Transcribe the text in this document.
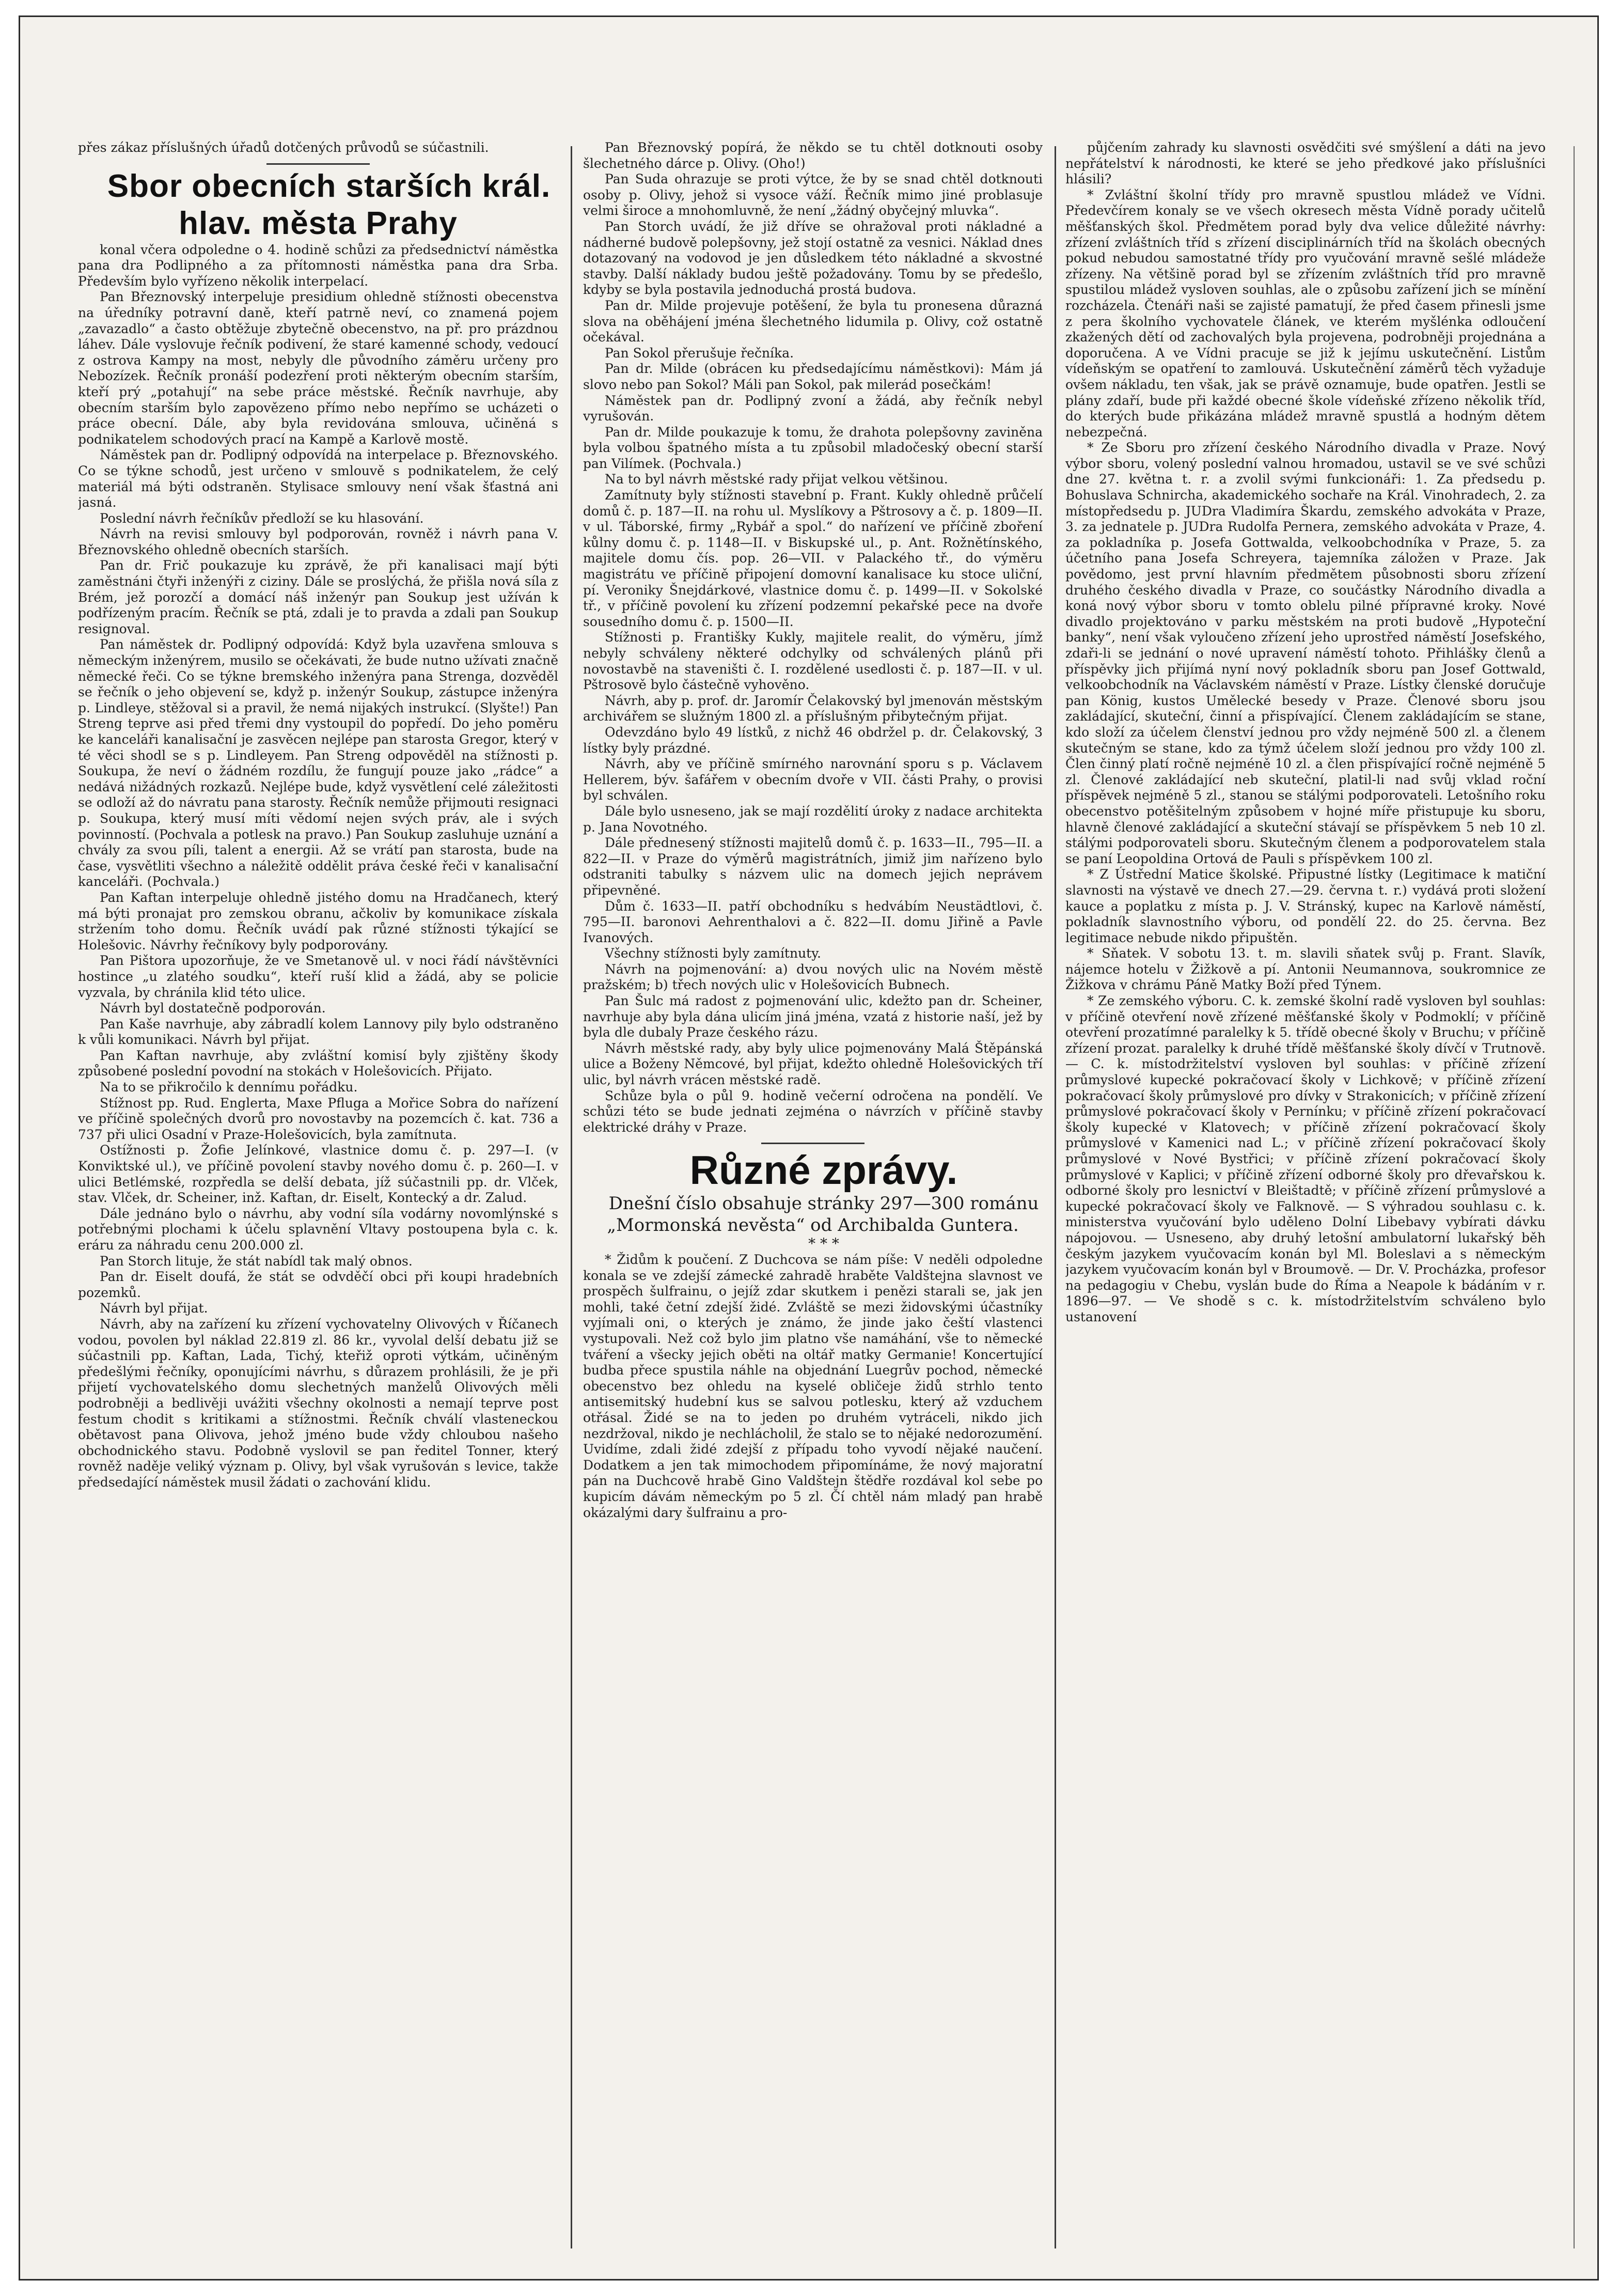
přes zákaz příslušných úřadů dotčených průvodů se súčastnili.

Sbor obecních starších král. hlav. města Prahy

konal včera odpoledne o 4. hodině schůzi za předsednictví náměstka pana dra Podlipného a za přítomnosti náměstka pana dra Srba. Především bylo vyřízeno několik interpelací.

Pan Březnovský interpeluje presidium ohledně stížnosti obecenstva na úředníky potravní daně, kteří patrně neví, co znamená pojem „zavazadlo“ a často obtěžuje zbytečně obecenstvo, na př. pro prázdnou láhev. Dále vyslovuje řečník podivení, že staré kamenné schody, vedoucí z ostrova Kampy na most, nebyly dle původního záměru určeny pro Nebozízek. Řečník pronáší podezření proti některým obecním starším, kteří prý „potahují“ na sebe práce městské. Řečník navrhuje, aby obecním starším bylo zapovězeno přímo nebo nepřímo se ucházeti o práce obecní. Dále, aby byla revidována smlouva, učiněná s podnikatelem schodových prací na Kampě a Karlově mostě.

Náměstek pan dr. Podlipný odpovídá na interpelace p. Březnovského. Co se týkne schodů, jest určeno v smlouvě s podnikatelem, že celý materiál má býti odstraněn. Stylisace smlouvy není však šťastná ani jasná.

Poslední návrh řečníkův předloží se ku hlasování.

Návrh na revisi smlouvy byl podporován, rovněž i návrh pana V. Březnovského ohledně obecních starších.

Pan dr. Frič poukazuje ku zprávě, že při kanalisaci mají býti zaměstnáni čtyři inženýři z ciziny. Dále se proslýchá, že přišla nová síla z Brém, jež porozčí a domácí náš inženýr pan Soukup jest užíván k podřízeným pracím. Řečník se ptá, zdali je to pravda a zdali pan Soukup resignoval.

Pan náměstek dr. Podlipný odpovídá: Když byla uzavřena smlouva s německým inženýrem, musilo se očekávati, že bude nutno užívati značně německé řeči. Co se týkne bremského inženýra pana Strenga, dozvěděl se řečník o jeho objevení se, když p. inženýr Soukup, zástupce inženýra p. Lindleye, stěžoval si a pravil, že nemá nijakých instrukcí. (Slyšte!) Pan Streng teprve asi před třemi dny vystoupil do popředí. Do jeho poměru ke kanceláři kanalisační je zasvěcen nejlépe pan starosta Gregor, který v té věci shodl se s p. Lindleyem. Pan Streng odpověděl na stížnosti p. Soukupa, že neví o žádném rozdílu, že fungují pouze jako „rádce“ a nedává nižádných rozkazů. Nejlépe bude, když vysvětlení celé záležitosti se odloží až do návratu pana starosty. Řečník nemůže přijmouti resignaci p. Soukupa, který musí míti vědomí nejen svých práv, ale i svých povinností. (Pochvala a potlesk na pravo.) Pan Soukup zasluhuje uznání a chvály za svou píli, talent a energii. Až se vrátí pan starosta, bude na čase, vysvětliti všechno a náležitě oddělit práva české řeči v kanalisační kanceláři. (Pochvala.)

Pan Kaftan interpeluje ohledně jistého domu na Hradčanech, který má býti pronajat pro zemskou obranu, ačkoliv by komunikace získala stržením toho domu. Řečník uvádí pak různé stížnosti týkající se Holešovic. Návrhy řečníkovy byly podporovány.

Pan Pištora upozorňuje, že ve Smetanově ul. v noci řádí návštěvníci hostince „u zlatého soudku“, kteří ruší klid a žádá, aby se policie vyzvala, by chránila klid této ulice.

Návrh byl dostatečně podporován.

Pan Kaše navrhuje, aby zábradlí kolem Lannovy pily bylo odstraněno k vůli komunikaci. Návrh byl přijat.

Pan Kaftan navrhuje, aby zvláštní komisí byly zjištěny škody způsobené poslední povodní na stokách v Holešovicích. Přijato.

Na to se přikročilo k dennímu pořádku.

Stížnost pp. Rud. Englerta, Maxe Pfluga a Mořice Sobra do nařízení ve příčině společných dvorů pro novostavby na pozemcích č. kat. 736 a 737 při ulici Osadní v Praze-Holešovicích, byla zamítnuta.

Ostížnosti p. Žofie Jelínkové, vlastnice domu č. p. 297—I. (v Konviktské ul.), ve příčině povolení stavby nového domu č. p. 260—I. v ulici Betlémské, rozpředla se delší debata, jíž súčastnili pp. dr. Vlček, stav. Vlček, dr. Scheiner, inž. Kaftan, dr. Eiselt, Kontecký a dr. Zalud.

Dále jednáno bylo o návrhu, aby vodní síla vodárny novomlýnské s potřebnými plochami k účelu splavnění Vltavy postoupena byla c. k. eráru za náhradu cenu 200.000 zl.

Pan Storch lituje, že stát nabídl tak malý obnos.

Pan dr. Eiselt doufá, že stát se odvděčí obci při koupi hradebních pozemků.

Návrh byl přijat.

Návrh, aby na zařízení ku zřízení vychovatelny Olivových v Říčanech vodou, povolen byl náklad 22.819 zl. 86 kr., vyvolal delší debatu již se súčastnili pp. Kaftan, Lada, Tichý, kteřiž oproti výtkám, učiněným předešlými řečníky, oponujícími návrhu, s důrazem prohlásili, že je při přijetí vychovatelského domu slechetných manželů Olivových měli podrobněji a bedlivěji uvážiti všechny okolnosti a nemají teprve post festum chodit s kritikami a stížnostmi. Řečník chválí vlasteneckou obětavost pana Olivova, jehož jméno bude vždy chloubou našeho obchodnického stavu. Podobně vyslovil se pan ředitel Tonner, který rovněž naděje veliký význam p. Olivy, byl však vyrušován s levice, takže předsedající náměstek musil žádati o zachování klidu.

Pan Březnovský popírá, že někdo se tu chtěl dotknouti osoby šlechetného dárce p. Olivy. (Oho!)

Pan Suda ohrazuje se proti výtce, že by se snad chtěl dotknouti osoby p. Olivy, jehož si vysoce váží. Řečník mimo jiné problasuje velmi široce a mnohomluvně, že není „žádný obyčejný mluvka“.

Pan Storch uvádí, že již dříve se ohražoval proti nákladné a nádherné budově polepšovny, jež stojí ostatně za vesnici. Náklad dnes dotazovaný na vodovod je jen důsledkem této nákladné a skvostné stavby. Další náklady budou ještě požadovány. Tomu by se předešlo, kdyby se byla postavila jednoduchá prostá budova.

Pan dr. Milde projevuje potěšení, že byla tu pronesena důrazná slova na oběhájení jména šlechetného lidumila p. Olivy, což ostatně očekával.

Pan Sokol přerušuje řečníka.

Pan dr. Milde (obrácen ku předsedajícímu náměstkovi): Mám já slovo nebo pan Sokol? Máli pan Sokol, pak milerád posečkám!

Náměstek pan dr. Podlipný zvoní a žádá, aby řečník nebyl vyrušován.

Pan dr. Milde poukazuje k tomu, že drahota polepšovny zaviněna byla volbou špatného místa a tu způsobil mladočeský obecní starší pan Vilímek. (Pochvala.)

Na to byl návrh městské rady přijat velkou většinou.

Zamítnuty byly stížnosti stavební p. Frant. Kukly ohledně průčelí domů č. p. 187—II. na rohu ul. Myslíkovy a Pštrosovy a č. p. 1809—II. v ul. Táborské, firmy „Rybář a spol.“ do nařízení ve příčině zboření kůlny domu č. p. 1148—II. v Biskupské ul., p. Ant. Rožnětínského, majitele domu čís. pop. 26—VII. v Palackého tř., do výměru magistrátu ve příčině připojení domovní kanalisace ku stoce uliční, pí. Veroniky Šnejdárkové, vlastnice domu č. p. 1499—II. v Sokolské tř., v příčině povolení ku zřízení podzemní pekařské pece na dvoře sousedního domu č. p. 1500—II.

Stížnosti p. Františky Kukly, majitele realit, do výměru, jímž nebyly schváleny některé odchylky od schválených plánů při novostavbě na staveništi č. I. rozdělené usedlosti č. p. 187—II. v ul. Pštrosově bylo částečně vyhověno.

Návrh, aby p. prof. dr. Jaromír Čelakovský byl jmenován městským archivářem se služným 1800 zl. a příslušným přibytečným přijat.

Odevzdáno bylo 49 lístků, z nichž 46 obdržel p. dr. Čelakovský, 3 lístky byly prázdné.

Návrh, aby ve příčině smírného narovnání sporu s p. Václavem Hellerem, býv. šafářem v obecním dvoře v VII. části Prahy, o provisi byl schválen.

Dále bylo usneseno, jak se mají rozdělití úroky z nadace architekta p. Jana Novotného.

Dále přednesený stížnosti majitelů domů č. p. 1633—II., 795—II. a 822—II. v Praze do výměrů magistrátních, jimiž jim nařízeno bylo odstraniti tabulky s názvem ulic na domech jejich neprávem připevněné.

Dům č. 1633—II. patří obchodníku s hedvábím Neustädtlovi, č. 795—II. baronovi Aehrenthalovi a č. 822—II. domu Jiřině a Pavle Ivanových.

Všechny stížnosti byly zamítnuty.

Návrh na pojmenování: a) dvou nových ulic na Novém městě pražském; b) třech nových ulic v Holešovicích Bubnech.

Pan Šulc má radost z pojmenování ulic, kdežto pan dr. Scheiner, navrhuje aby byla dána ulicím jiná jména, vzatá z historie naší, jež by byla dle dubaly Praze českého rázu.

Návrh městské rady, aby byly ulice pojmenovány Malá Štěpánská ulice a Boženy Němcové, byl přijat, kdežto ohledně Holešovických tří ulic, byl návrh vrácen městské radě.

Schůze byla o půl 9. hodině večerní odročena na pondělí. Ve schůzi této se bude jednati zejména o návrzích v příčině stavby elektrické dráhy v Praze.

Různé zprávy.

Dnešní číslo obsahuje stránky 297—300 románu „Mormonská nevěsta“ od Archibalda Guntera.

* * *

* Židům k poučení. Z Duchcova se nám píše: V neděli odpoledne konala se ve zdejší zámecké zahradě hraběte Valdštejna slavnost ve prospěch šulfrainu, o jejíž zdar skutkem i penězi starali se, jak jen mohli, také četní zdejší židé. Zvláště se mezi židovskými účastníky vyjímali oni, o kterých je známo, že jinde jako čeští vlastenci vystupovali. Než což bylo jim platno vše namáhání, vše to německé tváření a všecky jejich oběti na oltář matky Germanie! Koncertující budba přece spustila náhle na objednání Luegrův pochod, německé obecenstvo bez ohledu na kyselé obličeje židů strhlo tento antisemitský hudební kus se salvou potlesku, který až vzduchem otřásal. Židé se na to jeden po druhém vytráceli, nikdo jich nezdržoval, nikdo je nechlácholil, že stalo se to nějaké nedorozumění. Uvidíme, zdali židé zdejší z případu toho vyvodí nějaké naučení. Dodatkem a jen tak mimochodem připomínáme, že nový majoratní pán na Duchcově hrabě Gino Valdštejn štědře rozdával kol sebe po kupicím dávám německým po 5 zl. Čí chtěl nám mladý pan hrabě okázalými dary šulfrainu a pro-

půjčením zahrady ku slavnosti osvědčiti své smýšlení a dáti na jevo nepřátelství k národnosti, ke které se jeho předkové jako příslušníci hlásili?

* Zvláštní školní třídy pro mravně spustlou mládež ve Vídni. Předevčírem konaly se ve všech okresech města Vídně porady učitelů měšťanských škol. Předmětem porad byly dva velice důležité návrhy: zřízení zvláštních tříd s zřízení disciplinárních tříd na školách obecných pokud nebudou samostatné třídy pro vyučování mravně sešlé mládeže zřízeny. Na většině porad byl se zřízením zvláštních tříd pro mravně spustilou mládež vysloven souhlas, ale o způsobu zařízení jich se mínění rozcházela. Čtenáři naši se zajisté pamatují, že před časem přinesli jsme z pera školního vychovatele článek, ve kterém myšlénka odloučení zkažených dětí od zachovalých byla projevena, podrobněji projednána a doporučena. A ve Vídni pracuje se již k jejímu uskutečnění. Listům vídeňským se opatření to zamlouvá. Uskutečnění záměrů těch vyžaduje ovšem nákladu, ten však, jak se právě oznamuje, bude opatřen. Jestli se plány zdaří, bude při každé obecné škole vídeňské zřízeno několik tříd, do kterých bude přikázána mládež mravně spustlá a hodným dětem nebezpečná.

* Ze Sboru pro zřízení českého Národního divadla v Praze. Nový výbor sboru, volený poslední valnou hromadou, ustavil se ve své schůzi dne 27. května t. r. a zvolil svými funkcionáři: 1. Za předsedu p. Bohuslava Schnircha, akademického sochaře na Král. Vinohradech, 2. za místopředsedu p. JUDra Vladimíra Škardu, zemského advokáta v Praze, 3. za jednatele p. JUDra Rudolfa Pernera, zemského advokáta v Praze, 4. za pokladníka p. Josefa Gottwalda, velkoobchodníka v Praze, 5. za účetního pana Josefa Schreyera, tajemníka záložen v Praze. Jak povědomo, jest první hlavním předmětem působnosti sboru zřízení druhého českého divadla v Praze, co součástky Národního divadla a koná nový výbor sboru v tomto oblelu pilné přípravné kroky. Nové divadlo projektováno v parku městském na proti budově „Hypoteční banky“, není však vyloučeno zřízení jeho uprostřed náměstí Josefského, zdaři-li se jednání o nové upravení náměstí tohoto. Přihlášky členů a příspěvky jich přijímá nyní nový pokladník sboru pan Josef Gottwald, velkoobchodník na Václavském náměstí v Praze. Lístky členské doručuje pan König, kustos Umělecké besedy v Praze. Členové sboru jsou zakládající, skuteční, činní a přispívající. Členem zakládajícím se stane, kdo složí za účelem členství jednou pro vždy nejméně 500 zl. a členem skutečným se stane, kdo za týmž účelem složí jednou pro vždy 100 zl. Člen činný platí ročně nejméně 10 zl. a člen přispívající ročně nejméně 5 zl. Členové zakládající neb skuteční, platil-li nad svůj vklad roční příspěvek nejméně 5 zl., stanou se stálými podporovateli. Letošního roku obecenstvo potěšitelným způsobem v hojné míře přistupuje ku sboru, hlavně členové zakládající a skuteční stávají se příspěvkem 5 neb 10 zl. stálými podporovateli sboru. Skutečným členem a podporovatelem stala se paní Leopoldina Ortová de Pauli s příspěvkem 100 zl.

* Z Ústřední Matice školské. Připustné lístky (Legitimace k matiční slavnosti na výstavě ve dnech 27.—29. června t. r.) vydává proti složení kauce a poplatku z místa p. J. V. Stránský, kupec na Karlově náměstí, pokladník slavnostního výboru, od pondělí 22. do 25. června. Bez legitimace nebude nikdo připuštěn.

* Sňatek. V sobotu 13. t. m. slavili sňatek svůj p. Frant. Slavík, nájemce hotelu v Žižkově a pí. Antonii Neumannova, soukromnice ze Žižkova v chrámu Páně Matky Boží před Týnem.

* Ze zemského výboru. C. k. zemské školní radě vysloven byl souhlas: v příčině otevření nově zřízené měšťanské školy v Podmoklí; v příčině otevření prozatímné paralelky k 5. třídě obecné školy v Bruchu; v příčině zřízení prozat. paralelky k druhé třídě měšťanské školy dívčí v Trutnově. — C. k. místodržitelství vysloven byl souhlas: v příčině zřízení průmyslové kupecké pokračovací školy v Lichkově; v příčině zřízení pokračovací školy průmyslové pro dívky v Strakonicích; v příčině zřízení průmyslové pokračovací školy v Pernínku; v příčině zřízení pokračovací školy kupecké v Klatovech; v příčině zřízení pokračovací školy průmyslové v Kamenici nad L.; v příčině zřízení pokračovací školy průmyslové v Nové Bystřici; v příčině zřízení pokračovací školy průmyslové v Kaplici; v příčině zřízení odborné školy pro dřevařskou k. odborné školy pro lesnictví v Bleištadtě; v příčině zřízení průmyslové a kupecké pokračovací školy ve Falknově. — S výhradou souhlasu c. k. ministerstva vyučování bylo uděleno Dolní Libebavy vybírati dávku nápojovou. — Usneseno, aby druhý letošní ambulatorní lukařský běh českým jazykem vyučovacím konán byl Ml. Boleslavi a s německým jazykem vyučovacím konán byl v Broumově. — Dr. V. Procházka, profesor na pedagogiu v Chebu, vyslán bude do Říma a Neapole k bádáním v r. 1896—97. — Ve shodě s c. k. místodržitelstvím schváleno bylo ustanovení
